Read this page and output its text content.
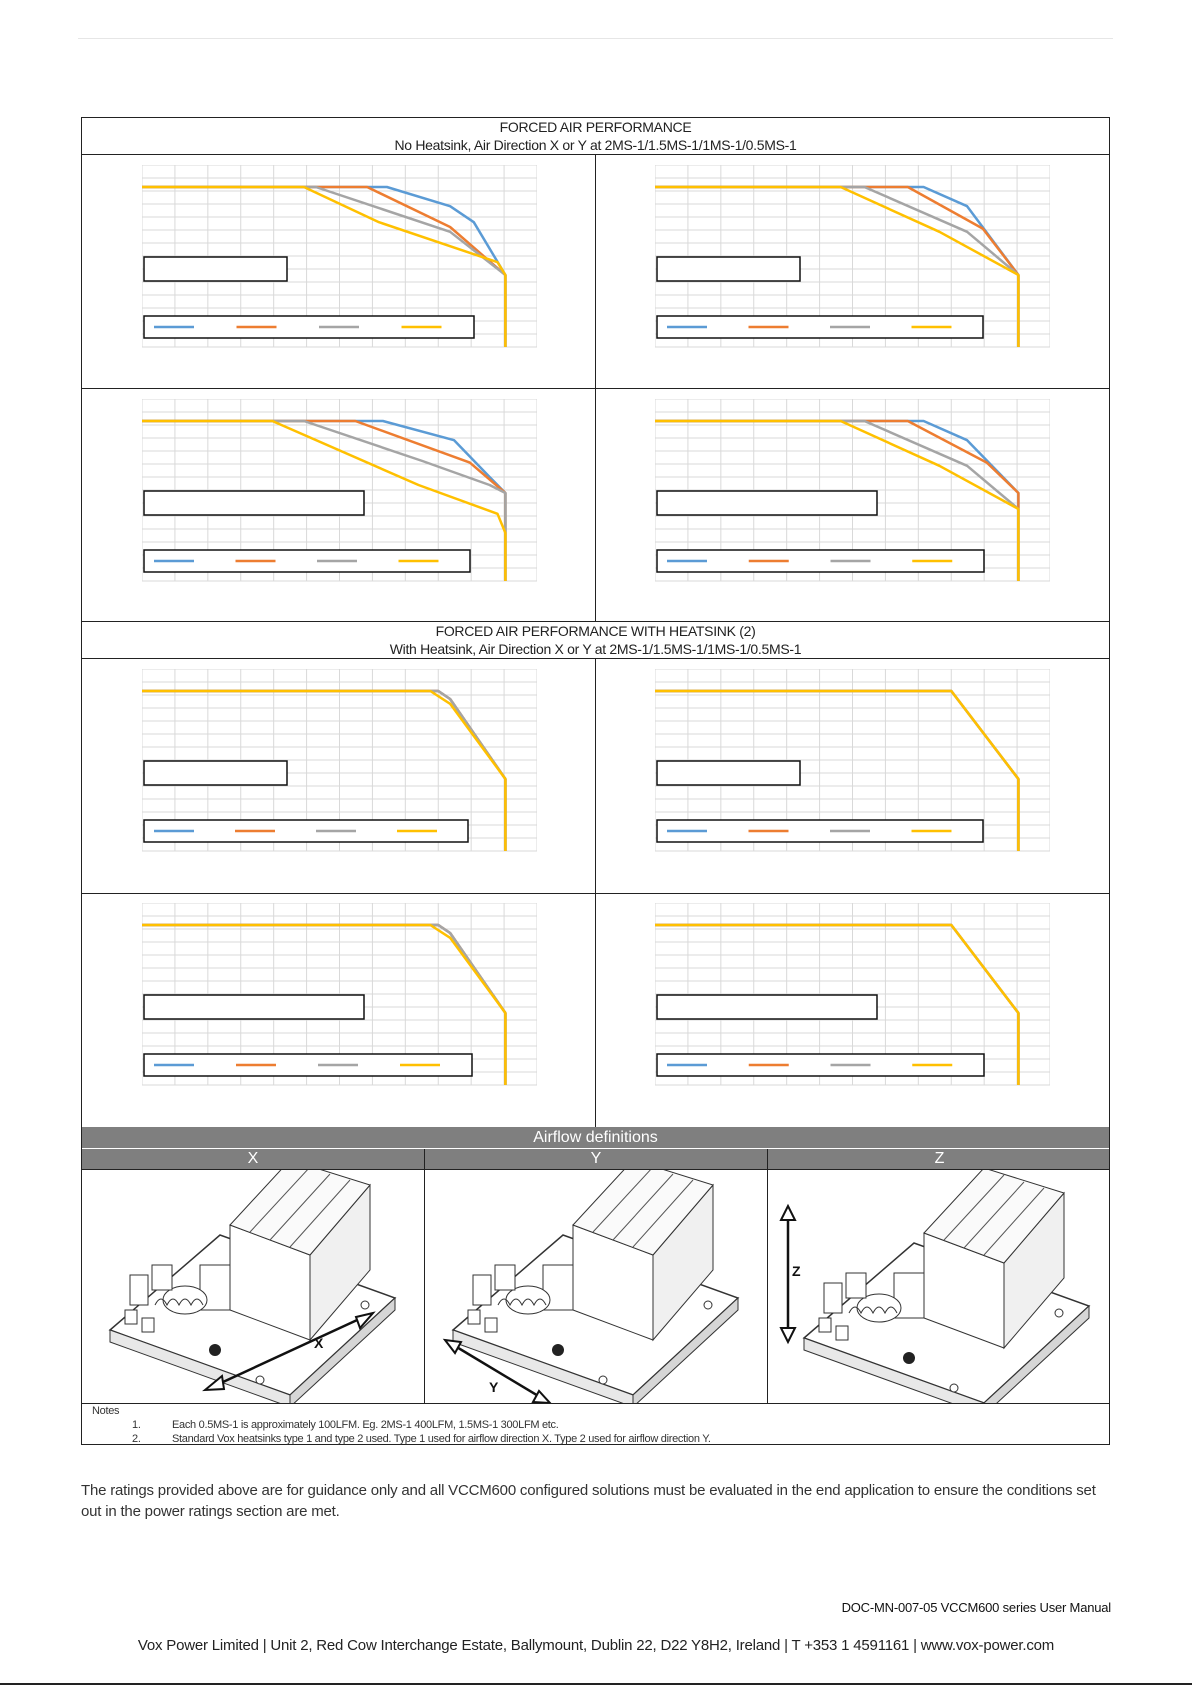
FORCED AIR PERFORMANCE
No Heatsink, Air Direction X or Y at 2MS-1/1.5MS-1/1MS-1/0.5MS-1
FORCED AIR PERFORMANCE WITH HEATSINK (2)
With Heatsink, Air Direction X or Y at 2MS-1/1.5MS-1/1MS-1/0.5MS-1
Airflow definitions
X	Y	Z
X
Y
Z
Notes
1.	Each 0.5MS-1 is approximately 100LFM. Eg. 2MS-1 400LFM, 1.5MS-1 300LFM etc.
2.	Standard Vox heatsinks type 1 and type 2 used. Type 1 used for airflow direction X. Type 2 used for airflow direction Y.
The ratings provided above are for guidance only and all VCCM600 configured solutions must be evaluated in the end application to ensure the conditions set out in the power ratings section are met.
DOC-MN-007-05 VCCM600 series User Manual
Vox Power Limited | Unit 2, Red Cow Interchange Estate, Ballymount, Dublin 22, D22 Y8H2, Ireland | T +353 1 4591161 | www.vox-power.com
